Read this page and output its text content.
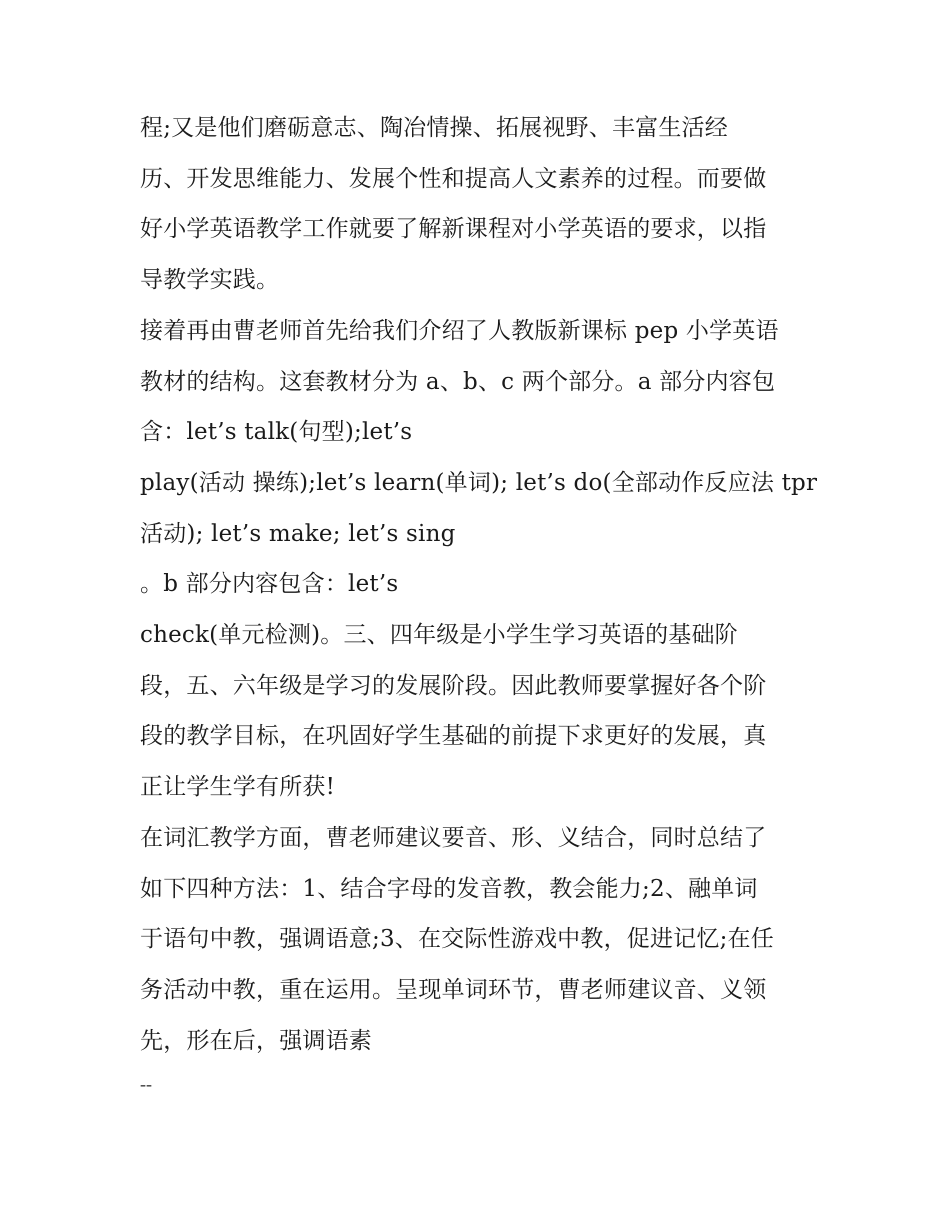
程;又是他们磨砺意志、陶冶情操、拓展视野、丰富生活经
历、开发思维能力、发展个性和提高人文素养的过程。而要做
好小学英语教学工作就要了解新课程对小学英语的要求，以指
导教学实践。
接着再由曹老师首先给我们介绍了人教版新课标 pep 小学英语
教材的结构。这套教材分为 a、b、c 两个部分。a 部分内容包
含：let’s talk(句型);let’s
play(活动 操练);let’s learn(单词); let’s do(全部动作反应法 tpr
活动); let’s make; let’s sing
。b 部分内容包含：let’s
check(单元检测)。三、四年级是小学生学习英语的基础阶
段，五、六年级是学习的发展阶段。因此教师要掌握好各个阶
段的教学目标，在巩固好学生基础的前提下求更好的发展，真
正让学生学有所获!
在词汇教学方面，曹老师建议要音、形、义结合，同时总结了
如下四种方法：1、结合字母的发音教，教会能力;2、融单词
于语句中教，强调语意;3、在交际性游戏中教，促进记忆;在任
务活动中教，重在运用。呈现单词环节，曹老师建议音、义领
先，形在后，强调语素
--
